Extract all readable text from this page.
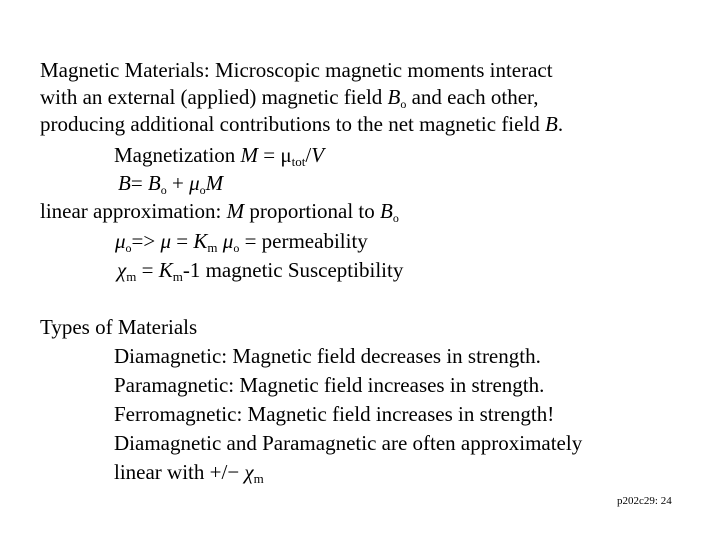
Magnetic Materials: Microscopic magnetic moments interact
with an external (applied) magnetic field $B_o$ and each other,
producing additional contributions to the net magnetic field B.
Magnetization $M = \mu_{tot}/V$
$B= B_o + \mu_oM$
linear approximation: M proportional to $B_o$
$\mu_o=> \mu = K_m$ $\mu_o$ = permeability
$\chi_m = K_m-1$ magnetic Susceptibility
Types of Materials
Diamagnetic: Magnetic field decreases in strength.
Paramagnetic: Magnetic field increases in strength.
Ferromagnetic: Magnetic field increases in strength!
Diamagnetic and Paramagnetic are often approximately
linear with +/− $\chi_m$
p202c29: 24
